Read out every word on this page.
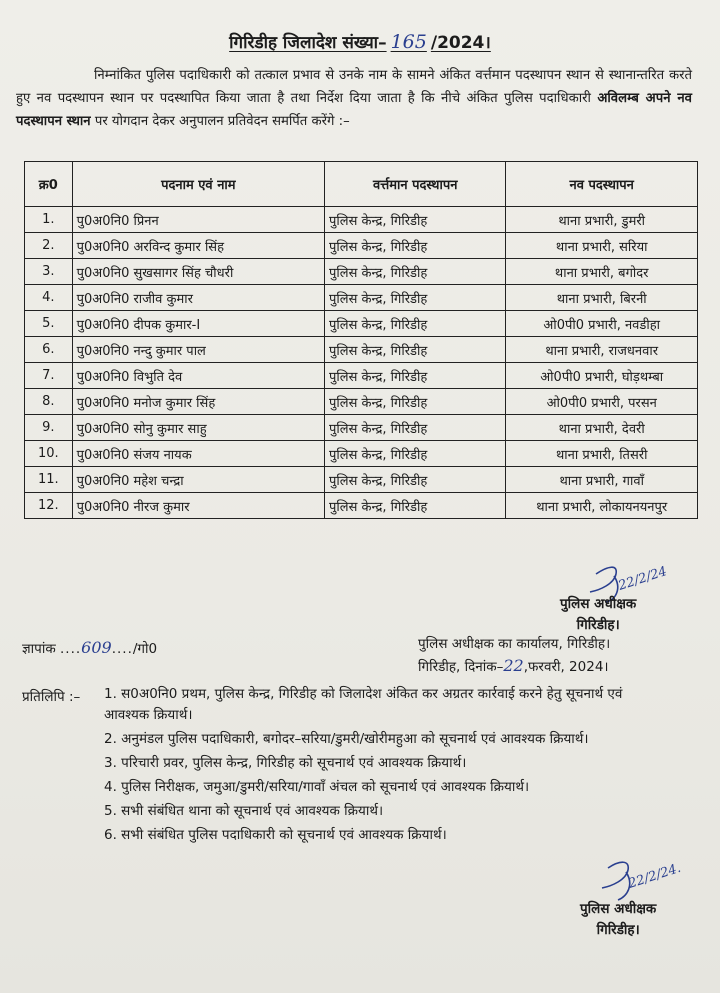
गिरिडीह जिलादेश संख्या– 165 /2024।
निम्नांकित पुलिस पदाधिकारी को तत्काल प्रभाव से उनके नाम के सामने अंकित वर्त्तमान पदस्थापन स्थान से स्थानान्तरित करते हुए नव पदस्थापन स्थान पर पदस्थापित किया जाता है तथा निर्देश दिया जाता है कि नीचे अंकित पुलिस पदाधिकारी अविलम्ब अपने नव पदस्थापन स्थान पर योगदान देकर अनुपालन प्रतिवेदन समर्पित करेंगे :–
क्र0	पदनाम एवं नाम	वर्त्तमान पदस्थापन	नव पदस्थापन
1.	पु0अ0नि0 प्रिनन	पुलिस केन्द्र, गिरिडीह	थाना प्रभारी, डुमरी
2.	पु0अ0नि0 अरविन्द कुमार सिंह	पुलिस केन्द्र, गिरिडीह	थाना प्रभारी, सरिया
3.	पु0अ0नि0 सुखसागर सिंह चौधरी	पुलिस केन्द्र, गिरिडीह	थाना प्रभारी, बगोदर
4.	पु0अ0नि0 राजीव कुमार	पुलिस केन्द्र, गिरिडीह	थाना प्रभारी, बिरनी
5.	पु0अ0नि0 दीपक कुमार-I	पुलिस केन्द्र, गिरिडीह	ओ0पी0 प्रभारी, नवडीहा
6.	पु0अ0नि0 नन्दु कुमार पाल	पुलिस केन्द्र, गिरिडीह	थाना प्रभारी, राजधनवार
7.	पु0अ0नि0 विभुति देव	पुलिस केन्द्र, गिरिडीह	ओ0पी0 प्रभारी, घोड़थम्बा
8.	पु0अ0नि0 मनोज कुमार सिंह	पुलिस केन्द्र, गिरिडीह	ओ0पी0 प्रभारी, परसन
9.	पु0अ0नि0 सोनु कुमार साहु	पुलिस केन्द्र, गिरिडीह	थाना प्रभारी, देवरी
10.	पु0अ0नि0 संजय नायक	पुलिस केन्द्र, गिरिडीह	थाना प्रभारी, तिसरी
11.	पु0अ0नि0 महेश चन्द्रा	पुलिस केन्द्र, गिरिडीह	थाना प्रभारी, गावाँ
12.	पु0अ0नि0 नीरज कुमार	पुलिस केन्द्र, गिरिडीह	थाना प्रभारी, लोकायनयनपुर
22/2/24
पुलिस अधीक्षक
गिरिडीह।
ज्ञापांक ....609..../गो0	पुलिस अधीक्षक का कार्यालय, गिरिडीह।
गिरिडीह, दिनांक–22,फरवरी, 2024।
प्रतिलिपि :– 1. स0अ0नि0 प्रथम, पुलिस केन्द्र, गिरिडीह को जिलादेश अंकित कर अग्रतर कार्रवाई करने हेतु सूचनार्थ एवं आवश्यक क्रियार्थ।
2. अनुमंडल पुलिस पदाधिकारी, बगोदर–सरिया/डुमरी/खोरीमहुआ को सूचनार्थ एवं आवश्यक क्रियार्थ।
3. परिचारी प्रवर, पुलिस केन्द्र, गिरिडीह को सूचनार्थ एवं आवश्यक क्रियार्थ।
4. पुलिस निरीक्षक, जमुआ/डुमरी/सरिया/गावाँ अंचल को सूचनार्थ एवं आवश्यक क्रियार्थ।
5. सभी संबंधित थाना को सूचनार्थ एवं आवश्यक क्रियार्थ।
6. सभी संबंधित पुलिस पदाधिकारी को सूचनार्थ एवं आवश्यक क्रियार्थ।
22/2/24.
पुलिस अधीक्षक
गिरिडीह।
